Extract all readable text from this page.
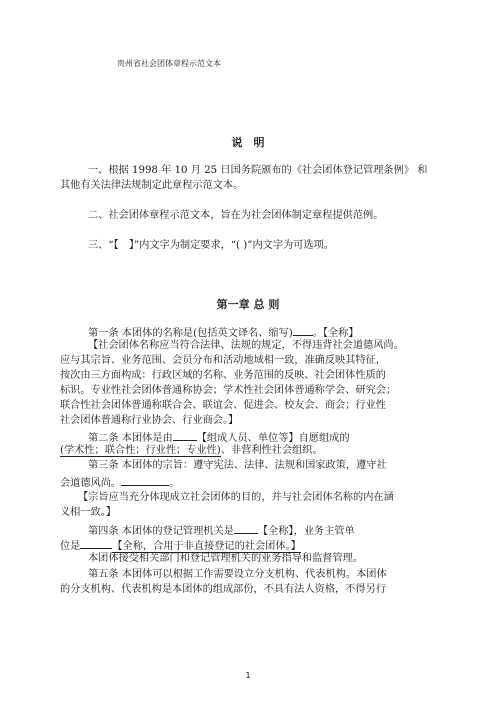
贵州省社会团体章程示范文本
说　明
一、根据 1998 年 10 月 25 日国务院颁布的《社会团体登记管理条例》 和
其他有关法律法规制定此章程示范文本。
二、社会团体章程示范文本，旨在为社会团体制定章程提供范例。
三、“【　】”内文字为制定要求，“( )”内文字为可选项。
第一章 总 则
第一条 本团体的名称是(包括英文译名、缩写) 。【全称】
【社会团体名称应当符合法律、法规的规定，不得违背社会道德风尚。
应与其宗旨、业务范围、会员分布和活动地域相一致，准确反映其特征，
按次由三方面构成：行政区域的名称、业务范围的反映、社会团体性质的
标识。专业性社会团体普通称协会；学术性社会团体普通称学会、研究会；
联合性社会团体普通称联合会、联谊会、促进会、校友会、商会；行业性
社会团体普通称行业协会、行业商会。】
第二条 本团体是由 【组成人员、单位等】自愿组成的
(学术性；联合性；行业性；专业性)、非营利性社会组织。
第三条 本团体的宗旨：遵守宪法、法律、法规和国家政策，遵守社
会道德风尚。	。
【宗旨应当充分体现成立社会团体的目的，并与社会团体名称的内在涵
义相一致。】
第四条 本团体的登记管理机关是 【全称】，业务主管单
位是	【全称，合用于非直接登记的社会团体。】
本团体接受相关部门和登记管理机关的业务指导和监督管理。
第五条 本团体可以根据工作需要设立分支机构、代表机构。本团体
的分支机构、代表机构是本团体的组成部份，不具有法人资格，不得另行
1
